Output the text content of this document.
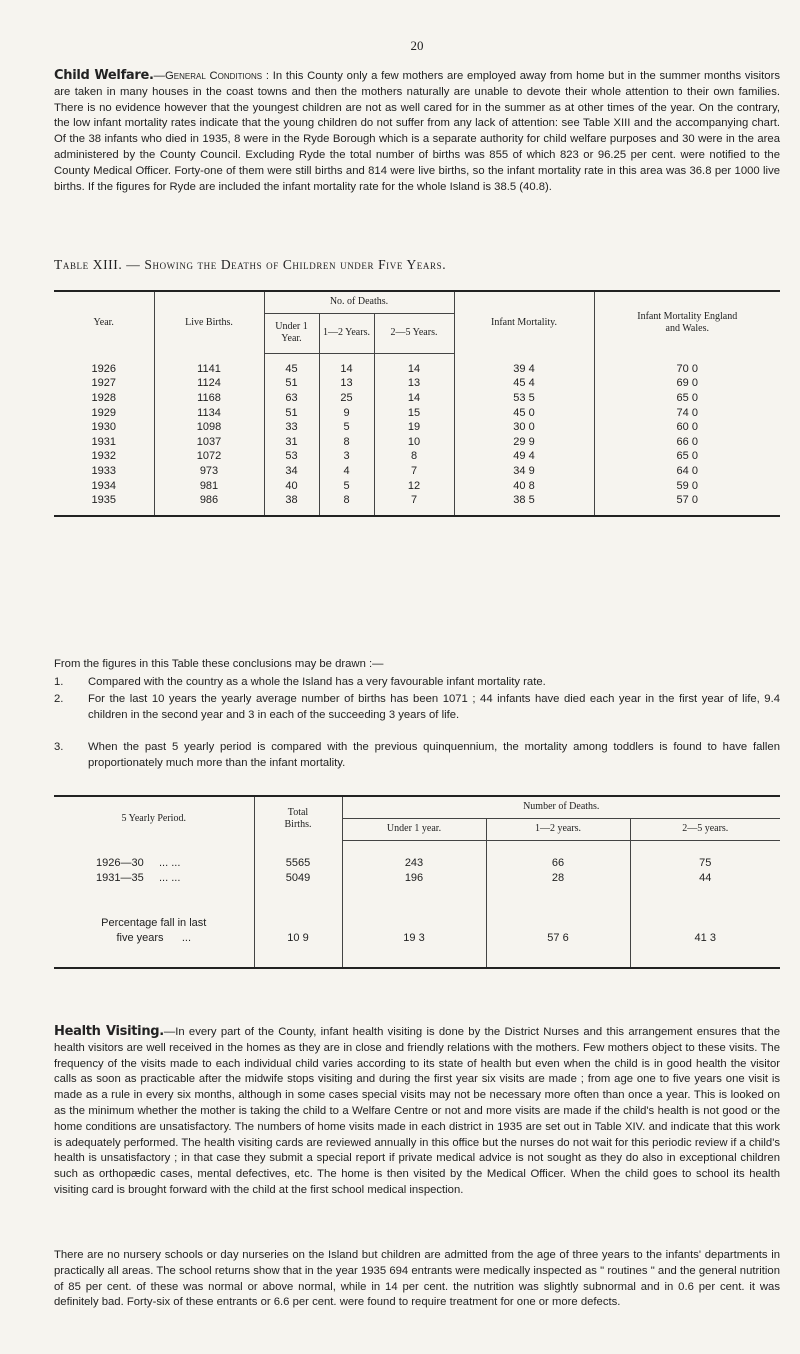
20

Child Welfare.—General Conditions : In this County only a few mothers are employed away from home but in the summer months visitors are taken in many houses in the coast towns and then the mothers naturally are unable to devote their whole attention to their own families. There is no evidence however that the youngest children are not as well cared for in the summer as at other times of the year. On the contrary, the low infant mortality rates indicate that the young children do not suffer from any lack of attention: see Table XIII and the accompanying chart. Of the 38 infants who died in 1935, 8 were in the Ryde Borough which is a separate authority for child welfare purposes and 30 were in the area administered by the County Council. Excluding Ryde the total number of births was 855 of which 823 or 96.25 per cent. were notified to the County Medical Officer. Forty-one of them were still births and 814 were live births, so the infant mortality rate in this area was 36.8 per 1000 live births. If the figures for Ryde are included the infant mortality rate for the whole Island is 38.5 (40.8).

Table XIII. — Showing the Deaths of Children under Five Years.
Year.	Live Births.	No. of Deaths.			Infant Mortality.	Infant Mortality England and Wales.
		Under 1 Year.	1—2 Years.	2—5 Years.		

1926	1141	45	14	14	39 4	70 0
1927	1124	51	13	13	45 4	69 0
1928	1168	63	25	14	53 5	65 0
1929	1134	51	9	15	45 0	74 0
1930	1098	33	5	19	30 0	60 0
1931	1037	31	8	10	29 9	66 0
1932	1072	53	3	8	49 4	65 0
1933	973	34	4	7	34 9	64 0
1934	981	40	5	12	40 8	59 0
1935	986	38	8	7	38 5	57 0

From the figures in this Table these conclusions may be drawn :—

1.	Compared with the country as a whole the Island has a very favourable infant mortality rate.

2.	For the last 10 years the yearly average number of births has been 1071 ; 44 infants have died each year in the first year of life, 9.4 children in the second year and 3 in each of the succeeding 3 years of life.

3.	When the past 5 yearly period is compared with the previous quinquennium, the mortality among toddlers is found to have fallen proportionately much more than the infant mortality.

5 Yearly Period.	Total Births.	Number of Deaths.		
		Under 1 year.	1—2 years.	2—5 years.

1926—30 ... ...	5565	243	66	75
1931—35 ... ...	5049	196	28	44

Percentage fall in last				
five years ...	10 9	19 3	57 6	41 3

Health Visiting.—In every part of the County, infant health visiting is done by the District Nurses and this arrangement ensures that the health visitors are well received in the homes as they are in close and friendly relations with the mothers. Few mothers object to these visits. The frequency of the visits made to each individual child varies according to its state of health but even when the child is in good health the visitor calls as soon as practicable after the midwife stops visiting and during the first year six visits are made ; from age one to five years one visit is made as a rule in every six months, although in some cases special visits may not be necessary more often than once a year. This is looked on as the minimum whether the mother is taking the child to a Welfare Centre or not and more visits are made if the child's health is not good or the home conditions are unsatisfactory. The numbers of home visits made in each district in 1935 are set out in Table XIV. and indicate that this work is adequately performed. The health visiting cards are reviewed annually in this office but the nurses do not wait for this periodic review if a child's health is unsatisfactory ; in that case they submit a special report if private medical advice is not sought as they do also in exceptional children such as orthopædic cases, mental defectives, etc. The home is then visited by the Medical Officer. When the child goes to school its health visiting card is brought forward with the child at the first school medical inspection.

There are no nursery schools or day nurseries on the Island but children are admitted from the age of three years to the infants' departments in practically all areas. The school returns show that in the year 1935 694 entrants were medically inspected as " routines " and the general nutrition of 85 per cent. of these was normal or above normal, while in 14 per cent. the nutrition was slightly subnormal and in 0.6 per cent. it was definitely bad. Forty-six of these entrants or 6.6 per cent. were found to require treatment for one or more defects.
